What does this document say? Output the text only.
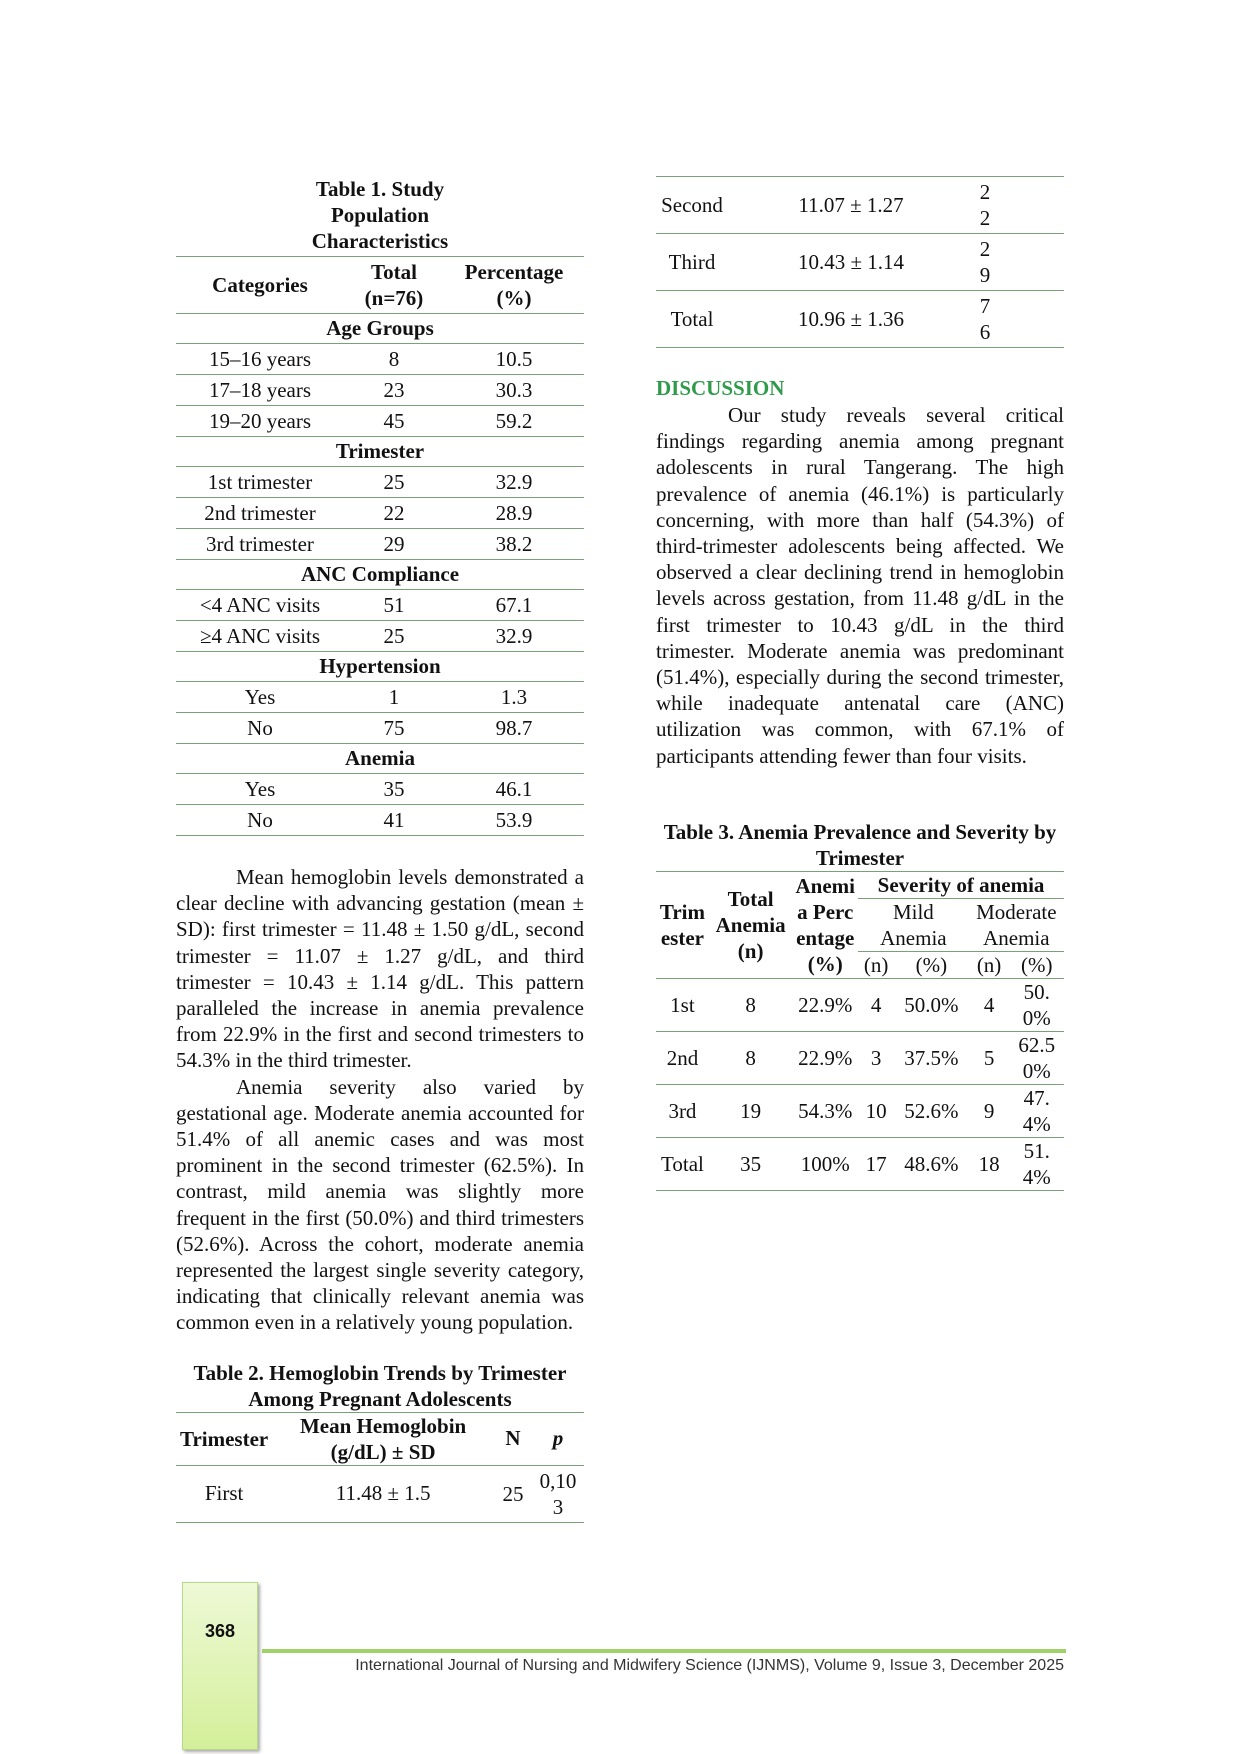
Table 1. Study Population Characteristics
Categories	Total (n=76)	Percentage (%)
Age Groups		
15–16 years	8	10.5
17–18 years	23	30.3
19–20 years	45	59.2
Trimester		
1st trimester	25	32.9
2nd trimester	22	28.9
3rd trimester	29	38.2
ANC Compliance		
<4 ANC visits	51	67.1
≥4 ANC visits	25	32.9
Hypertension		
Yes	1	1.3
No	75	98.7
Anemia		
Yes	35	46.1
No	41	53.9

Mean hemoglobin levels demonstrated a clear decline with advancing gestation (mean ± SD): first trimester = 11.48 ± 1.50 g/dL, second trimester = 11.07 ± 1.27 g/dL, and third trimester = 10.43 ± 1.14 g/dL. This pattern paralleled the increase in anemia prevalence from 22.9% in the first and second trimesters to 54.3% in the third trimester.

Anemia severity also varied by gestational age. Moderate anemia accounted for 51.4% of all anemic cases and was most prominent in the second trimester (62.5%). In contrast, mild anemia was slightly more frequent in the first (50.0%) and third trimesters (52.6%). Across the cohort, moderate anemia represented the largest single severity category, indicating that clinically relevant anemia was common even in a relatively young population.

Table 2. Hemoglobin Trends by Trimester Among Pregnant Adolescents
Trimester	Mean Hemoglobin (g/dL) ± SD	N	p
First	11.48 ± 1.5	25	0,103
Second	11.07 ± 1.27	22	
Third	10.43 ± 1.14	29	
Total	10.96 ± 1.36	76	
DISCUSSION

Our study reveals several critical findings regarding anemia among pregnant adolescents in rural Tangerang. The high prevalence of anemia (46.1%) is particularly concerning, with more than half (54.3%) of third-trimester adolescents being affected. We observed a clear declining trend in hemoglobin levels across gestation, from 11.48 g/dL in the first trimester to 10.43 g/dL in the third trimester. Moderate anemia was predominant (51.4%), especially during the second trimester, while inadequate antenatal care (ANC) utilization was common, with 67.1% of participants attending fewer than four visits.

Table 3. Anemia Prevalence and Severity by Trimester
Trimester	Total Anemia (n)	Anemia Percentage (%)	Severity of anemia			
			Mild Anemia		Moderate Anemia	
			(n)	(%)	(n)	(%)
1st	8	22.9%	4	50.0%	4	50.0%
2nd	8	22.9%	3	37.5%	5	62.50%
3rd	19	54.3%	10	52.6%	9	47.4%
Total	35	100%	17	48.6%	18	51.4%
368
International Journal of Nursing and Midwifery Science (IJNMS), Volume 9, Issue 3, December 2025
